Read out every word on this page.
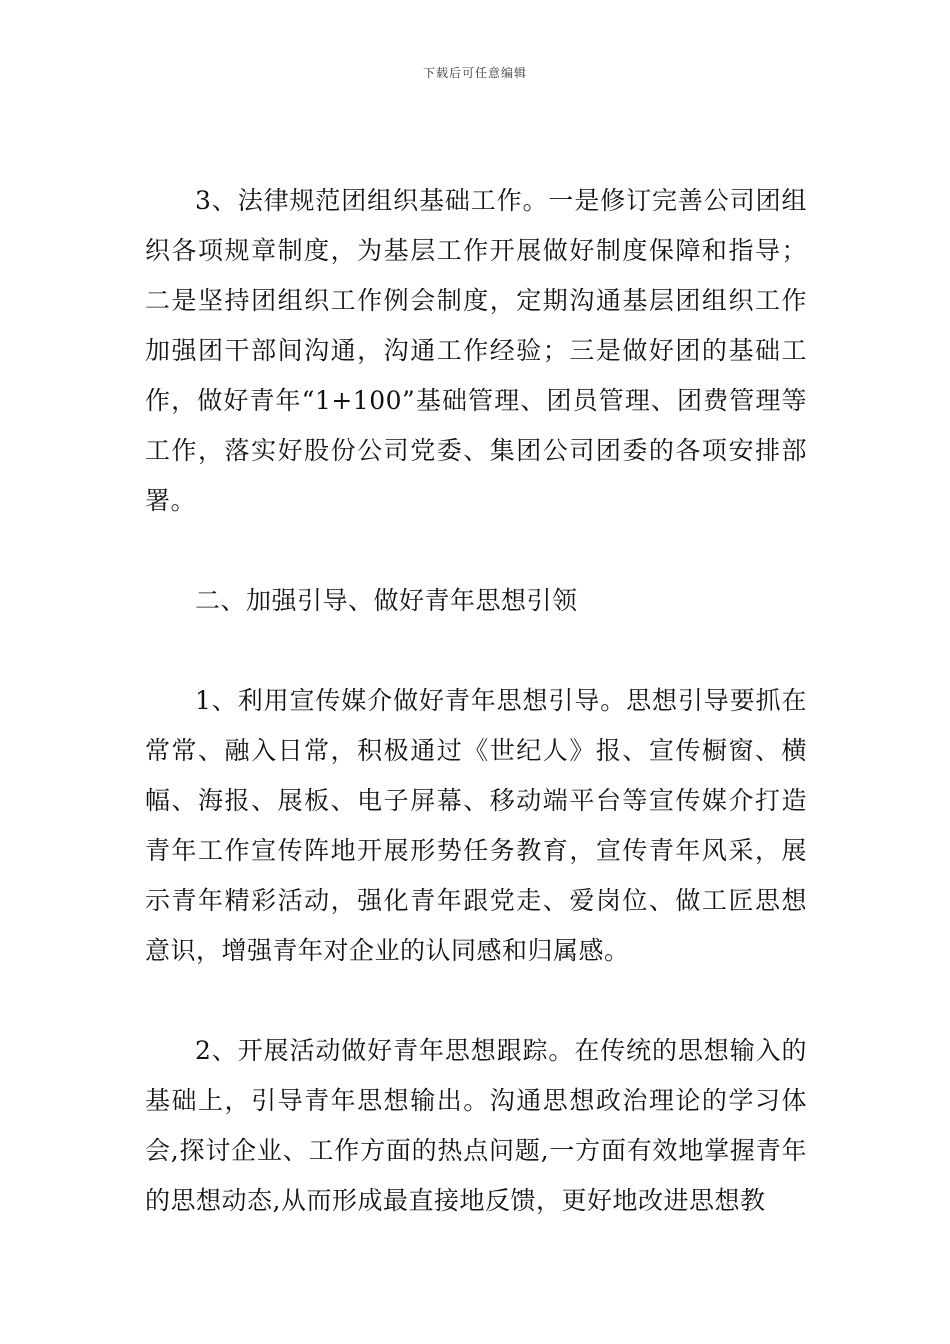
下载后可任意编辑

3、法律规范团组织基础工作。一是修订完善公司团组织各项规章制度，为基层工作开展做好制度保障和指导；二是坚持团组织工作例会制度，定期沟通基层团组织工作加强团干部间沟通，沟通工作经验；三是做好团的基础工作，做好青年“1+100”基础管理、团员管理、团费管理等工作，落实好股份公司党委、集团公司团委的各项安排部署。

二、加强引导、做好青年思想引领

1、利用宣传媒介做好青年思想引导。思想引导要抓在常常、融入日常，积极通过《世纪人》报、宣传橱窗、横幅、海报、展板、电子屏幕、移动端平台等宣传媒介打造青年工作宣传阵地开展形势任务教育，宣传青年风采，展示青年精彩活动，强化青年跟党走、爱岗位、做工匠思想意识，增强青年对企业的认同感和归属感。

2、开展活动做好青年思想跟踪。在传统的思想输入的基础上，引导青年思想输出。沟通思想政治理论的学习体会,探讨企业、工作方面的热点问题,一方面有效地掌握青年的思想动态,从而形成最直接地反馈，更好地改进思想教
